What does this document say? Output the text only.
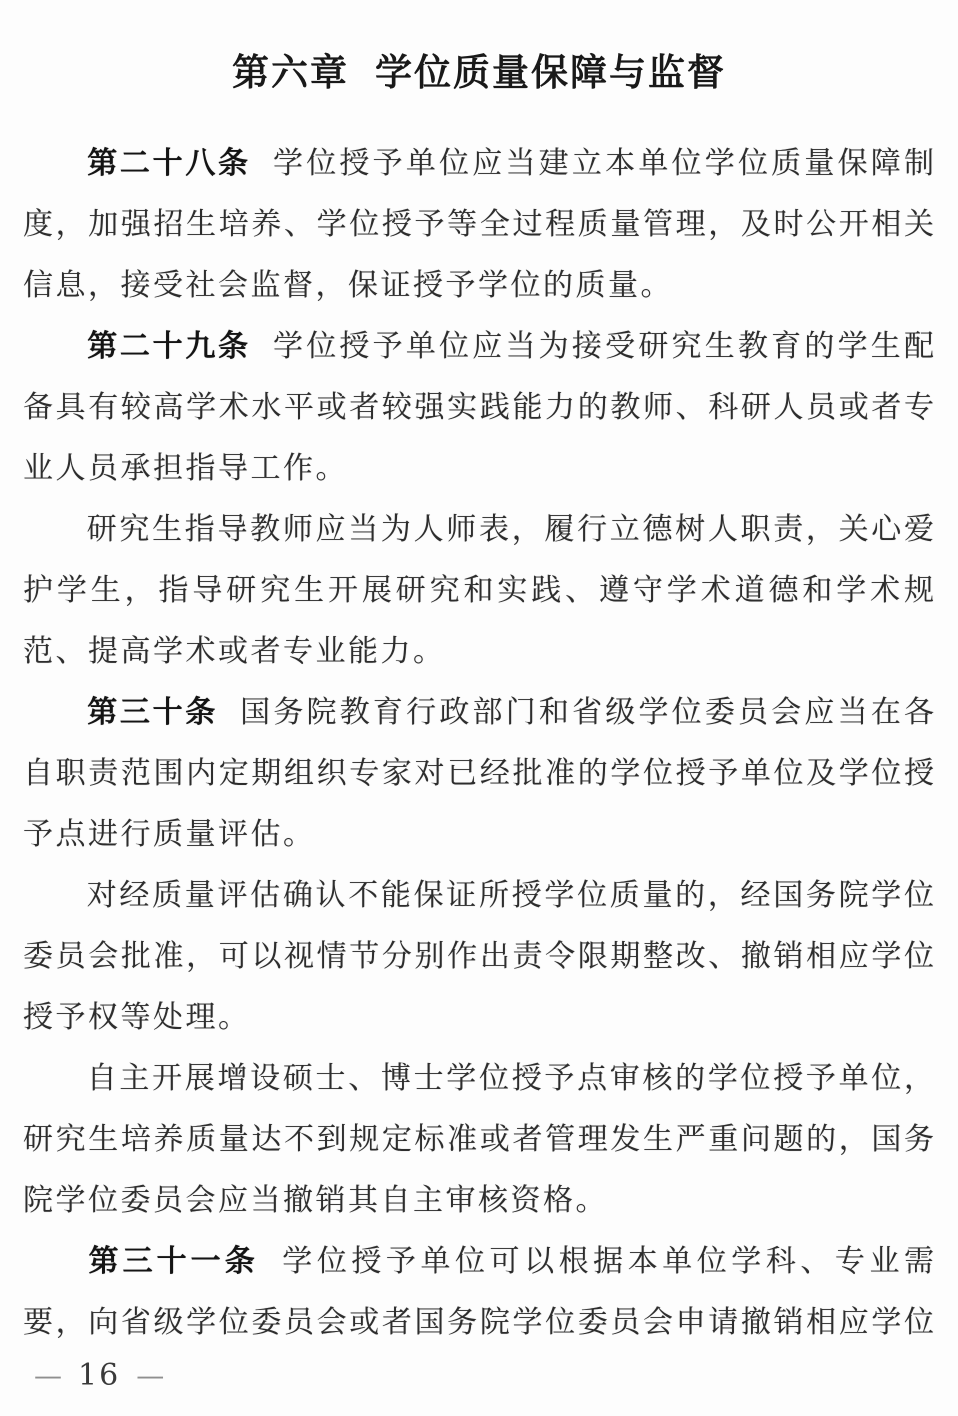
第六章 学位质量保障与监督
第二十八条 学位授予单位应当建立本单位学位质量保障制
度，加强招生培养、学位授予等全过程质量管理，及时公开相关
信息，接受社会监督，保证授予学位的质量。
第二十九条 学位授予单位应当为接受研究生教育的学生配
备具有较高学术水平或者较强实践能力的教师、科研人员或者专
业人员承担指导工作。
研究生指导教师应当为人师表，履行立德树人职责，关心爱
护学生，指导研究生开展研究和实践、遵守学术道德和学术规
范、提高学术或者专业能力。
第三十条 国务院教育行政部门和省级学位委员会应当在各
自职责范围内定期组织专家对已经批准的学位授予单位及学位授
予点进行质量评估。
对经质量评估确认不能保证所授学位质量的，经国务院学位
委员会批准，可以视情节分别作出责令限期整改、撤销相应学位
授予权等处理。
自主开展增设硕士、博士学位授予点审核的学位授予单位，
研究生培养质量达不到规定标准或者管理发生严重问题的，国务
院学位委员会应当撤销其自主审核资格。
第三十一条 学位授予单位可以根据本单位学科、专业需
要，向省级学位委员会或者国务院学位委员会申请撤销相应学位
— 16 —
